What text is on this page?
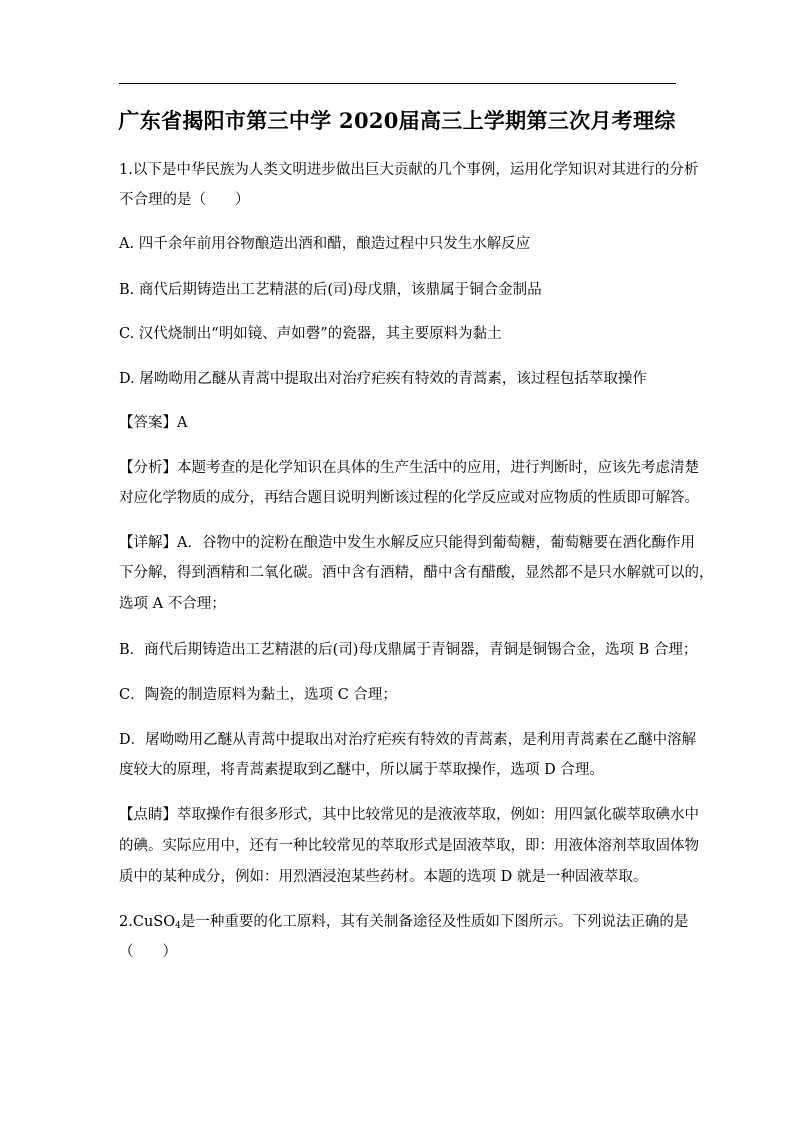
广东省揭阳市第三中学 2020届高三上学期第三次月考理综
1.以下是中华民族为人类文明进步做出巨大贡献的几个事例，运用化学知识对其进行的分析
不合理的是（　　）
A. 四千余年前用谷物酿造出酒和醋，酿造过程中只发生水解反应
B. 商代后期铸造出工艺精湛的后(司)母戊鼎，该鼎属于铜合金制品
C. 汉代烧制出“明如镜、声如磬”的瓷器，其主要原料为黏土
D. 屠呦呦用乙醚从青蒿中提取出对治疗疟疾有特效的青蒿素，该过程包括萃取操作
【答案】A
【分析】本题考查的是化学知识在具体的生产生活中的应用，进行判断时，应该先考虑清楚
对应化学物质的成分，再结合题目说明判断该过程的化学反应或对应物质的性质即可解答。
【详解】A．谷物中的淀粉在酿造中发生水解反应只能得到葡萄糖，葡萄糖要在酒化酶作用
下分解，得到酒精和二氧化碳。酒中含有酒精，醋中含有醋酸，显然都不是只水解就可以的，
选项 A 不合理；
B．商代后期铸造出工艺精湛的后(司)母戊鼎属于青铜器，青铜是铜锡合金，选项 B 合理；
C．陶瓷的制造原料为黏土，选项 C 合理；
D．屠呦呦用乙醚从青蒿中提取出对治疗疟疾有特效的青蒿素，是利用青蒿素在乙醚中溶解
度较大的原理，将青蒿素提取到乙醚中，所以属于萃取操作，选项 D 合理。
【点睛】萃取操作有很多形式，其中比较常见的是液液萃取，例如：用四氯化碳萃取碘水中
的碘。实际应用中，还有一种比较常见的萃取形式是固液萃取，即：用液体溶剂萃取固体物
质中的某种成分，例如：用烈酒浸泡某些药材。本题的选项 D 就是一种固液萃取。
2.CuSO$_4$是一种重要的化工原料，其有关制备途径及性质如下图所示。下列说法正确的是
（　　）
